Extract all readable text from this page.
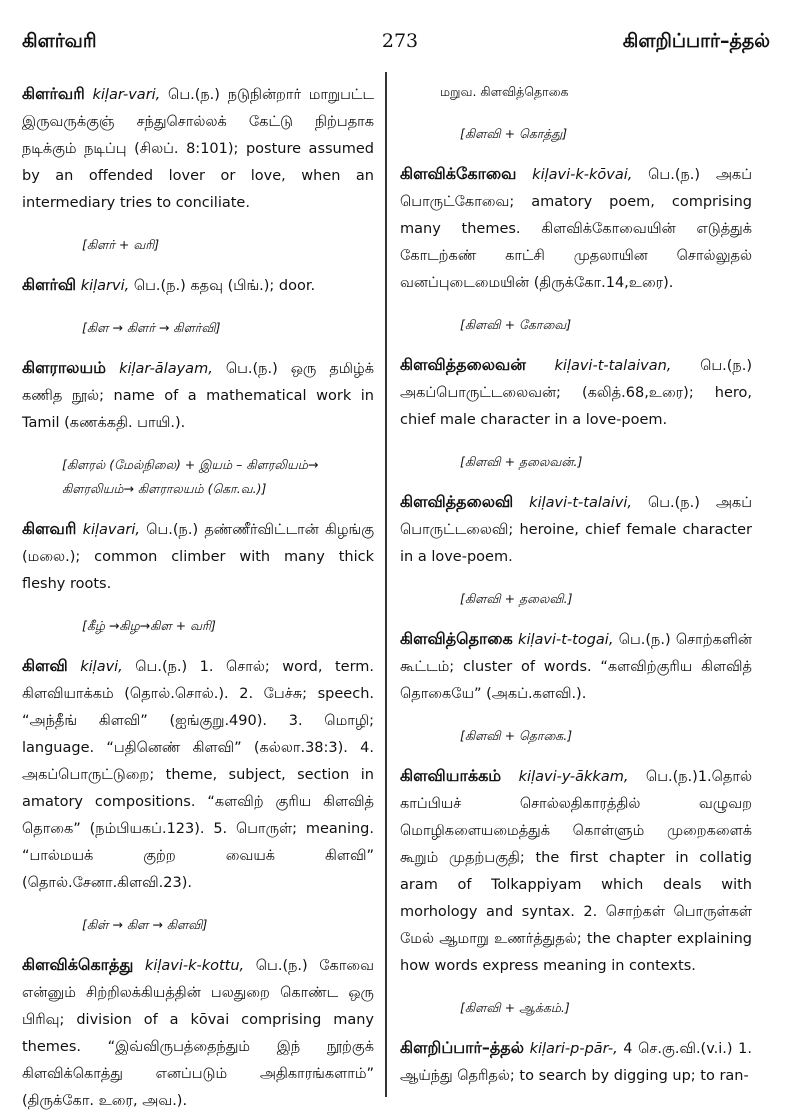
கிளர்வரி	273	கிளறிப்பார்–த்தல்

கிளர்வரி kiḷar-vari, பெ.(ந.) நடுநின்றார் மாறுபட்ட இருவருக்குஞ் சந்துசொல்லக் கேட்டு நிற்பதாக நடிக்கும் நடிப்பு (சிலப். 8:101); posture assumed by an offended lover or love, when an intermediary tries to conciliate.

[கிளர் + வரி]

கிளர்வி kiḷarvi, பெ.(ந.) கதவு (பிங்.); door.

[கிள → கிளர் → கிளர்வி]

கிளராலயம் kiḷar-ālayam, பெ.(ந.) ஒரு தமிழ்க் கணித நூல்; name of a mathematical work in Tamil (கணக்கதி. பாயி.).

[கிளரல் (மேல்நிலை) + இயம் – கிளரலியம்→ கிளரலியம்→ கிளராலயம் (கொ.வ.)]

கிளவரி kiḷavari, பெ.(ந.) தண்ணீர்விட்டான் கிழங்கு (மலை.); common climber with many thick fleshy roots.

[கீழ் →கிழ→கிள + வரி]

கிளவி kiḷavi, பெ.(ந.) 1. சொல்; word, term. கிளவியாக்கம் (தொல்.சொல்.). 2. பேச்சு; speech. “அந்தீங் கிளவி” (ஐங்குறு.490). 3. மொழி; language. “பதினெண் கிளவி” (கல்லா.38:3). 4. அகப்பொருட்டுறை; theme, subject, section in amatory compositions. “களவிற் குரிய கிளவித் தொகை” (நம்பியகப்.123). 5. பொருள்; meaning. “பால்மயக் குற்ற வையக் கிளவி” (தொல்.சேனா.கிளவி.23).

[கிள் → கிள → கிளவி]

கிளவிக்கொத்து kiḷavi-k-kottu, பெ.(ந.) கோவை என்னும் சிற்றிலக்கியத்தின் பலதுறை கொண்ட ஒரு பிரிவு; division of a kōvai comprising many themes. “இவ்விருபத்தைந்தும் இந் நூற்குக் கிளவிக்கொத்து எனப்படும் அதிகாரங்களாம்” (திருக்கோ. உரை, அவ.).

மறுவ. கிளவித்தொகை
[கிளவி + கொத்து]

கிளவிக்கோவை kiḷavi-k-kōvai, பெ.(ந.) அகப் பொருட்கோவை; amatory poem, comprising many themes. கிளவிக்கோவையின் எடுத்துக் கோடற்கண் காட்சி முதலாயின சொல்லுதல் வனப்புடைமையின் (திருக்கோ.14,உரை).

[கிளவி + கோவை]

கிளவித்தலைவன் kiḷavi-t-talaivan, பெ.(ந.) அகப்பொருட்டலைவன்; (கலித்.68,உரை); hero, chief male character in a love-poem.

[கிளவி + தலைவன்.]

கிளவித்தலைவி kiḷavi-t-talaivi, பெ.(ந.) அகப் பொருட்டலைவி; heroine, chief female character in a love-poem.

[கிளவி + தலைவி.]

கிளவித்தொகை kiḷavi-t-togai, பெ.(ந.) சொற்களின் கூட்டம்; cluster of words. “களவிற்குரிய கிளவித் தொகையே” (அகப்.களவி.).

[கிளவி + தொகை.]

கிளவியாக்கம் kiḷavi-y-ākkam, பெ.(ந.)1.தொல் காப்பியச் சொல்லதிகாரத்தில் வழுவற மொழிகளையமைத்துக் கொள்ளும் முறைகளைக் கூறும் முதற்பகுதி; the first chapter in collatig aram of Tolkappiyam which deals with morhology and syntax. 2. சொற்கள் பொருள்கள் மேல் ஆமாறு உணர்த்துதல்; the chapter explaining how words express meaning in contexts.

[கிளவி + ஆக்கம்.]

கிளறிப்பார்–த்தல் kiḷari-p-pār-, 4 செ.கு.வி.(v.i.) 1. ஆய்ந்து தெரிதல்; to search by digging up; to ran-
